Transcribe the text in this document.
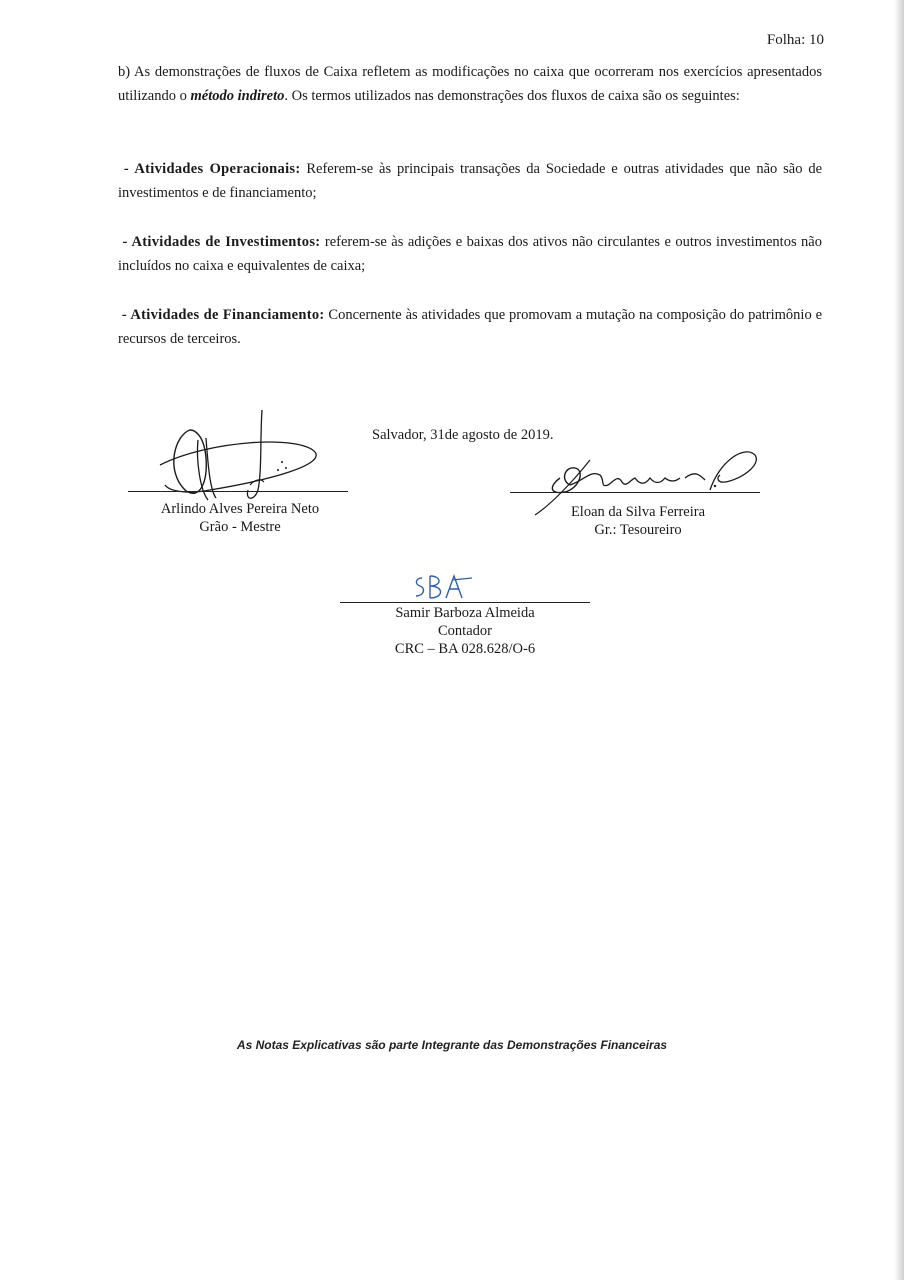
Folha: 10
b) As demonstrações de fluxos de Caixa refletem as modificações no caixa que ocorreram nos exercícios apresentados utilizando o método indireto. Os termos utilizados nas demonstrações dos fluxos de caixa são os seguintes:
- Atividades Operacionais: Referem-se às principais transações da Sociedade e outras atividades que não são de investimentos e de financiamento;
- Atividades de Investimentos: referem-se às adições e baixas dos ativos não circulantes e outros investimentos não incluídos no caixa e equivalentes de caixa;
- Atividades de Financiamento: Concernente às atividades que promovam a mutação na composição do patrimônio e recursos de terceiros.
Salvador, 31de agosto de 2019.
Arlindo Alves Pereira Neto
Grão - Mestre
Eloan da Silva Ferreira
Gr.: Tesoureiro
Samir Barboza Almeida
Contador
CRC – BA 028.628/O-6
As Notas Explicativas são parte Integrante das Demonstrações Financeiras
